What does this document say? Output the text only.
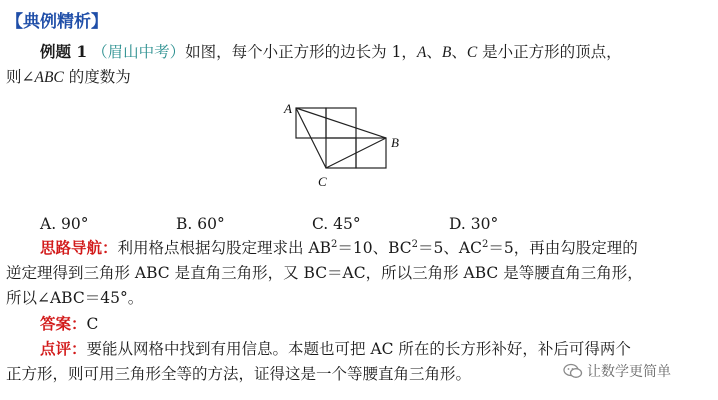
【典例精析】
例题 1 （眉山中考）如图，每个小正方形的边长为 1，A、B、C 是小正方形的顶点，
则∠ABC 的度数为
A
B
C
A. 90°	B. 60°	C. 45°	D. 30°
思路导航：利用格点根据勾股定理求出 $AB^2=10$、$BC^2=5$、$AC^2=5$，再由勾股定理的
逆定理得到三角形 ABC 是直角三角形，又 BC＝AC，所以三角形 ABC 是等腰直角三角形，
所以∠ABC＝45°。
答案：C
点评：要能从网格中找到有用信息。本题也可把 AC 所在的长方形补好，补后可得两个
正方形，则可用三角形全等的方法，证得这是一个等腰直角三角形。	让数学更简单
